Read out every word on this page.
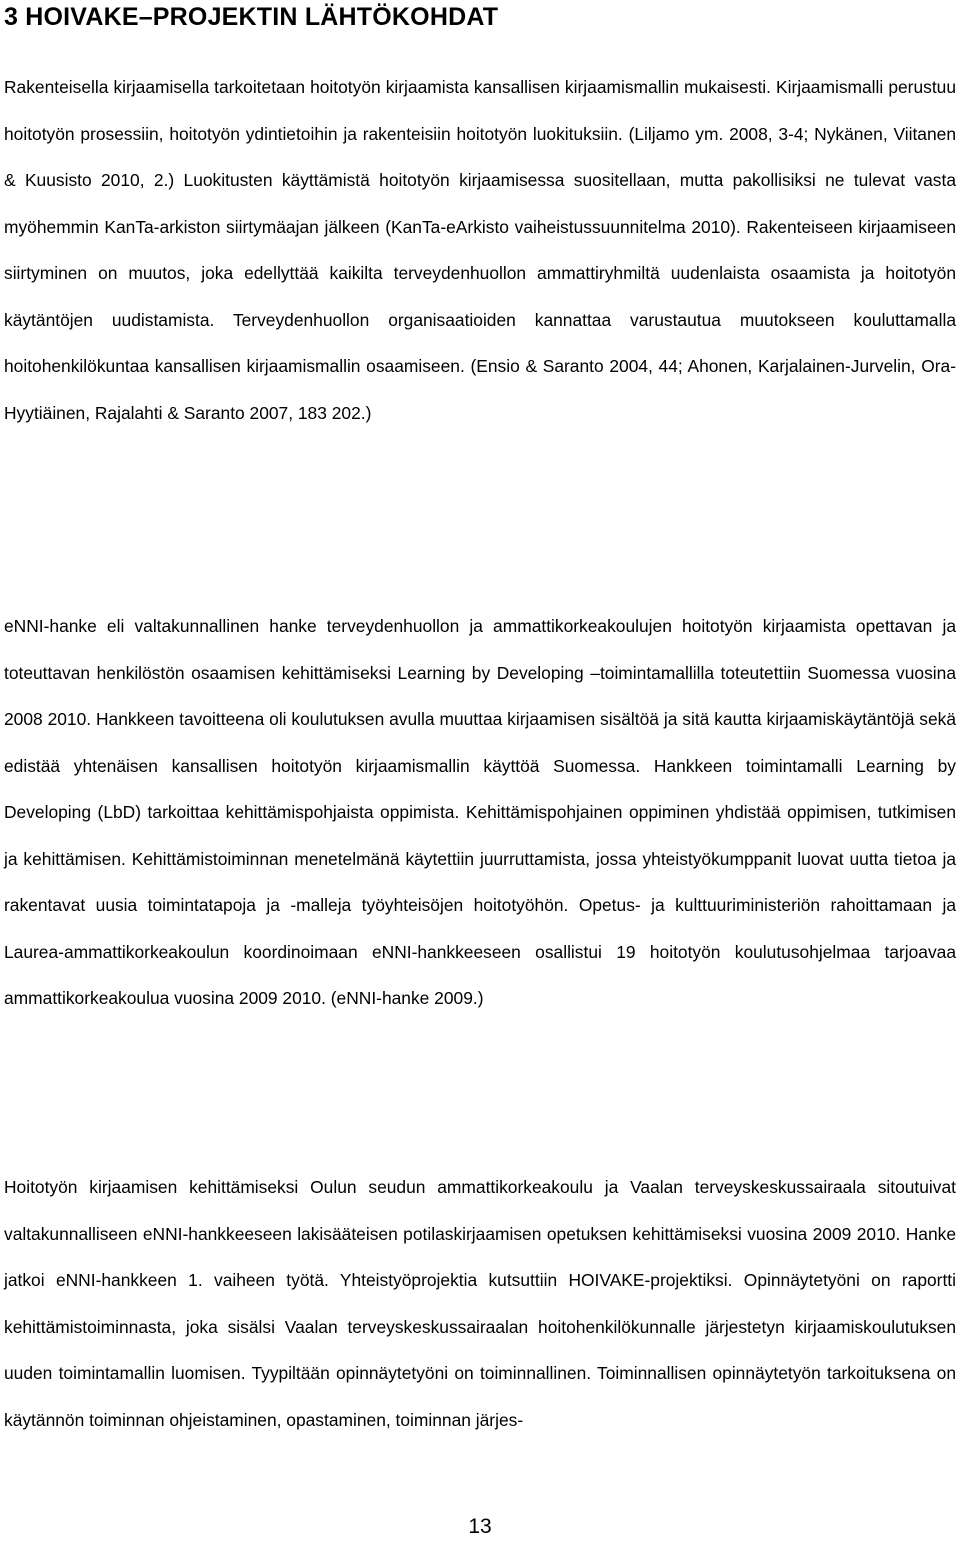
3 HOIVAKE–PROJEKTIN LÄHTÖKOHDAT

Rakenteisella kirjaamisella tarkoitetaan hoitotyön kirjaamista kansallisen kirjaamismallin mukaisesti. Kirjaamismalli perustuu hoitotyön prosessiin, hoitotyön ydintietoihin ja rakenteisiin hoitotyön luokituksiin. (Liljamo ym. 2008, 3-4; Nykänen, Viitanen & Kuusisto 2010, 2.) Luokitusten käyttämistä hoitotyön kirjaamisessa suositellaan, mutta pakollisiksi ne tulevat vasta myöhemmin KanTa-arkiston siirtymäajan jälkeen (KanTa-eArkisto vaiheistussuunnitelma 2010). Rakenteiseen kirjaamiseen siirtyminen on muutos, joka edellyttää kaikilta terveydenhuollon ammattiryhmiltä uudenlaista osaamista ja hoitotyön käytäntöjen uudistamista. Terveydenhuollon organisaatioiden kannattaa varustautua muutokseen kouluttamalla hoitohenkilökuntaa kansallisen kirjaamismallin osaamiseen. (Ensio & Saranto 2004, 44; Ahonen, Karjalainen-Jurvelin, Ora-Hyytiäinen, Rajalahti & Saranto 2007, 183 202.)

eNNI-hanke eli valtakunnallinen hanke terveydenhuollon ja ammattikorkeakoulujen hoitotyön kirjaamista opettavan ja toteuttavan henkilöstön osaamisen kehittämiseksi Learning by Developing –toimintamallilla toteutettiin Suomessa vuosina 2008 2010. Hankkeen tavoitteena oli koulutuksen avulla muuttaa kirjaamisen sisältöä ja sitä kautta kirjaamiskäytäntöjä sekä edistää yhtenäisen kansallisen hoitotyön kirjaamismallin käyttöä Suomessa. Hankkeen toimintamalli Learning by Developing (LbD) tarkoittaa kehittämispohjaista oppimista. Kehittämispohjainen oppiminen yhdistää oppimisen, tutkimisen ja kehittämisen. Kehittämistoiminnan menetelmänä käytettiin juurruttamista, jossa yhteistyökumppanit luovat uutta tietoa ja rakentavat uusia toimintatapoja ja -malleja työyhteisöjen hoitotyöhön. Opetus- ja kulttuuriministeriön rahoittamaan ja Laurea-ammattikorkeakoulun koordinoimaan eNNI-hankkeeseen osallistui 19 hoitotyön koulutusohjelmaa tarjoavaa ammattikorkeakoulua vuosina 2009 2010. (eNNI-hanke 2009.)

Hoitotyön kirjaamisen kehittämiseksi Oulun seudun ammattikorkeakoulu ja Vaalan terveyskeskussairaala sitoutuivat valtakunnalliseen eNNI-hankkeeseen lakisääteisen potilaskirjaamisen opetuksen kehittämiseksi vuosina 2009 2010. Hanke jatkoi eNNI-hankkeen 1. vaiheen työtä. Yhteistyöprojektia kutsuttiin HOIVAKE-projektiksi. Opinnäytetyöni on raportti kehittämistoiminnasta, joka sisälsi Vaalan terveyskeskussairaalan hoitohenkilökunnalle järjestetyn kirjaamiskoulutuksen uuden toimintamallin luomisen. Tyypiltään opinnäytetyöni on toiminnallinen. Toiminnallisen opinnäytetyön tarkoituksena on käytännön toiminnan ohjeistaminen, opastaminen, toiminnan järjes-

13
